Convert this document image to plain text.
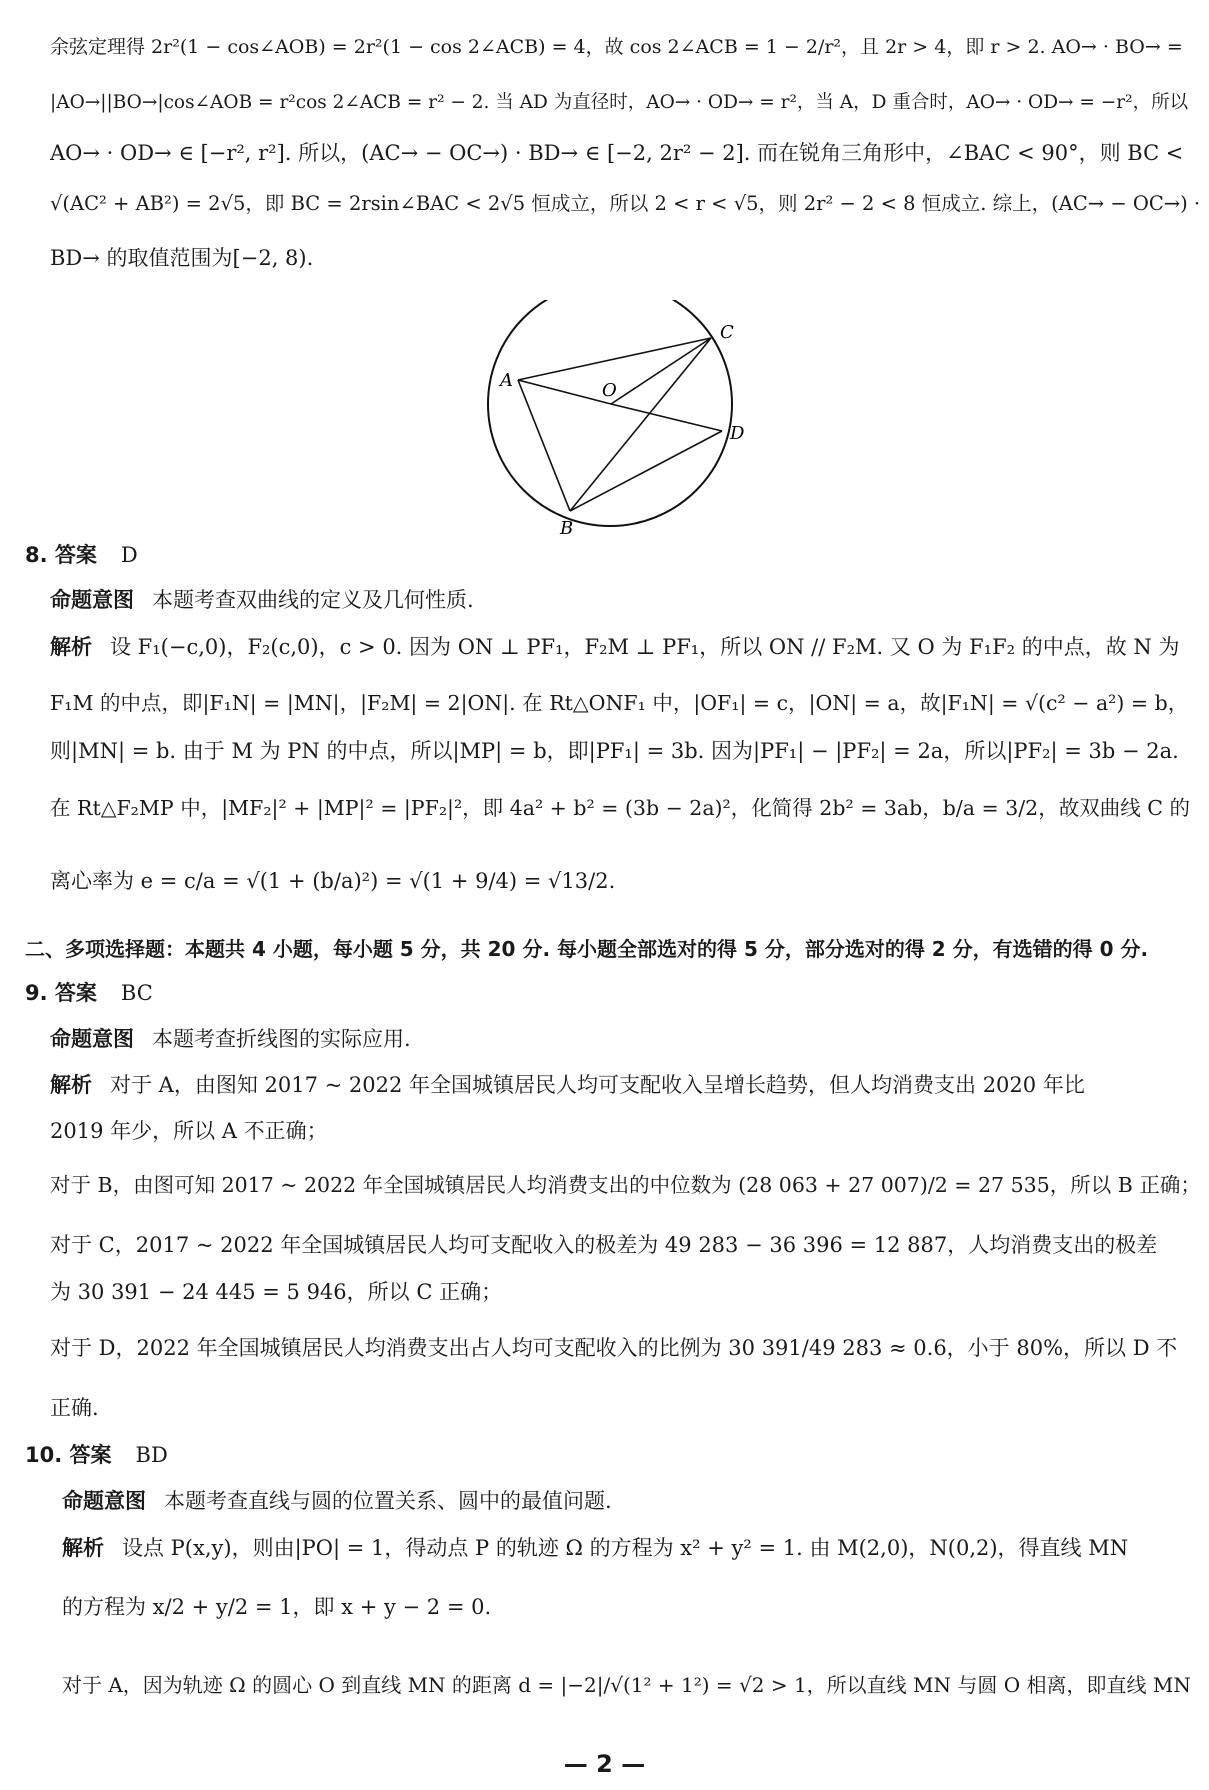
余弦定理得 2r²(1 − cos∠AOB) = 2r²(1 − cos 2∠ACB) = 4，故 cos 2∠ACB = 1 − 2/r²，且 2r > 4，即 r > 2. AO→ · BO→ =
|AO→||BO→|cos∠AOB = r²cos 2∠ACB = r² − 2. 当 AD 为直径时，AO→ · OD→ = r²，当 A，D 重合时，AO→ · OD→ = −r²，所以
AO→ · OD→ ∈ [−r², r²]. 所以，(AC→ − OC→) · BD→ ∈ [−2, 2r² − 2]. 而在锐角三角形中，∠BAC < 90°，则 BC <
√(AC² + AB²) = 2√5，即 BC = 2rsin∠BAC < 2√5 恒成立，所以 2 < r < √5，则 2r² − 2 < 8 恒成立. 综上，(AC→ − OC→) ·
BD→ 的取值范围为[−2, 8).
A
B
C
D
O
8. 答案 D
命题意图 本题考查双曲线的定义及几何性质.
解析 设 F₁(−c,0)，F₂(c,0)，c > 0. 因为 ON ⊥ PF₁，F₂M ⊥ PF₁，所以 ON // F₂M. 又 O 为 F₁F₂ 的中点，故 N 为
F₁M 的中点，即|F₁N| = |MN|，|F₂M| = 2|ON|. 在 Rt△ONF₁ 中，|OF₁| = c，|ON| = a，故|F₁N| = √(c² − a²) = b，
则|MN| = b. 由于 M 为 PN 的中点，所以|MP| = b，即|PF₁| = 3b. 因为|PF₁| − |PF₂| = 2a，所以|PF₂| = 3b − 2a.
在 Rt△F₂MP 中，|MF₂|² + |MP|² = |PF₂|²，即 4a² + b² = (3b − 2a)²，化简得 2b² = 3ab，b/a = 3/2，故双曲线 C 的
离心率为 e = c/a = √(1 + (b/a)²) = √(1 + 9/4) = √13/2.
二、多项选择题：本题共 4 小题，每小题 5 分，共 20 分. 每小题全部选对的得 5 分，部分选对的得 2 分，有选错的得 0 分.
9. 答案 BC
命题意图 本题考查折线图的实际应用.
解析 对于 A，由图知 2017 ~ 2022 年全国城镇居民人均可支配收入呈增长趋势，但人均消费支出 2020 年比
2019 年少，所以 A 不正确；
对于 B，由图可知 2017 ~ 2022 年全国城镇居民人均消费支出的中位数为 (28 063 + 27 007)/2 = 27 535，所以 B 正确；
对于 C，2017 ~ 2022 年全国城镇居民人均可支配收入的极差为 49 283 − 36 396 = 12 887，人均消费支出的极差
为 30 391 − 24 445 = 5 946，所以 C 正确；
对于 D，2022 年全国城镇居民人均消费支出占人均可支配收入的比例为 30 391/49 283 ≈ 0.6，小于 80%，所以 D 不
正确.
10. 答案 BD
命题意图 本题考查直线与圆的位置关系、圆中的最值问题.
解析 设点 P(x,y)，则由|PO| = 1，得动点 P 的轨迹 Ω 的方程为 x² + y² = 1. 由 M(2,0)，N(0,2)，得直线 MN
的方程为 x/2 + y/2 = 1，即 x + y − 2 = 0.
对于 A，因为轨迹 Ω 的圆心 O 到直线 MN 的距离 d = |−2|/√(1² + 1²) = √2 > 1，所以直线 MN 与圆 O 相离，即直线 MN
— 2 —
